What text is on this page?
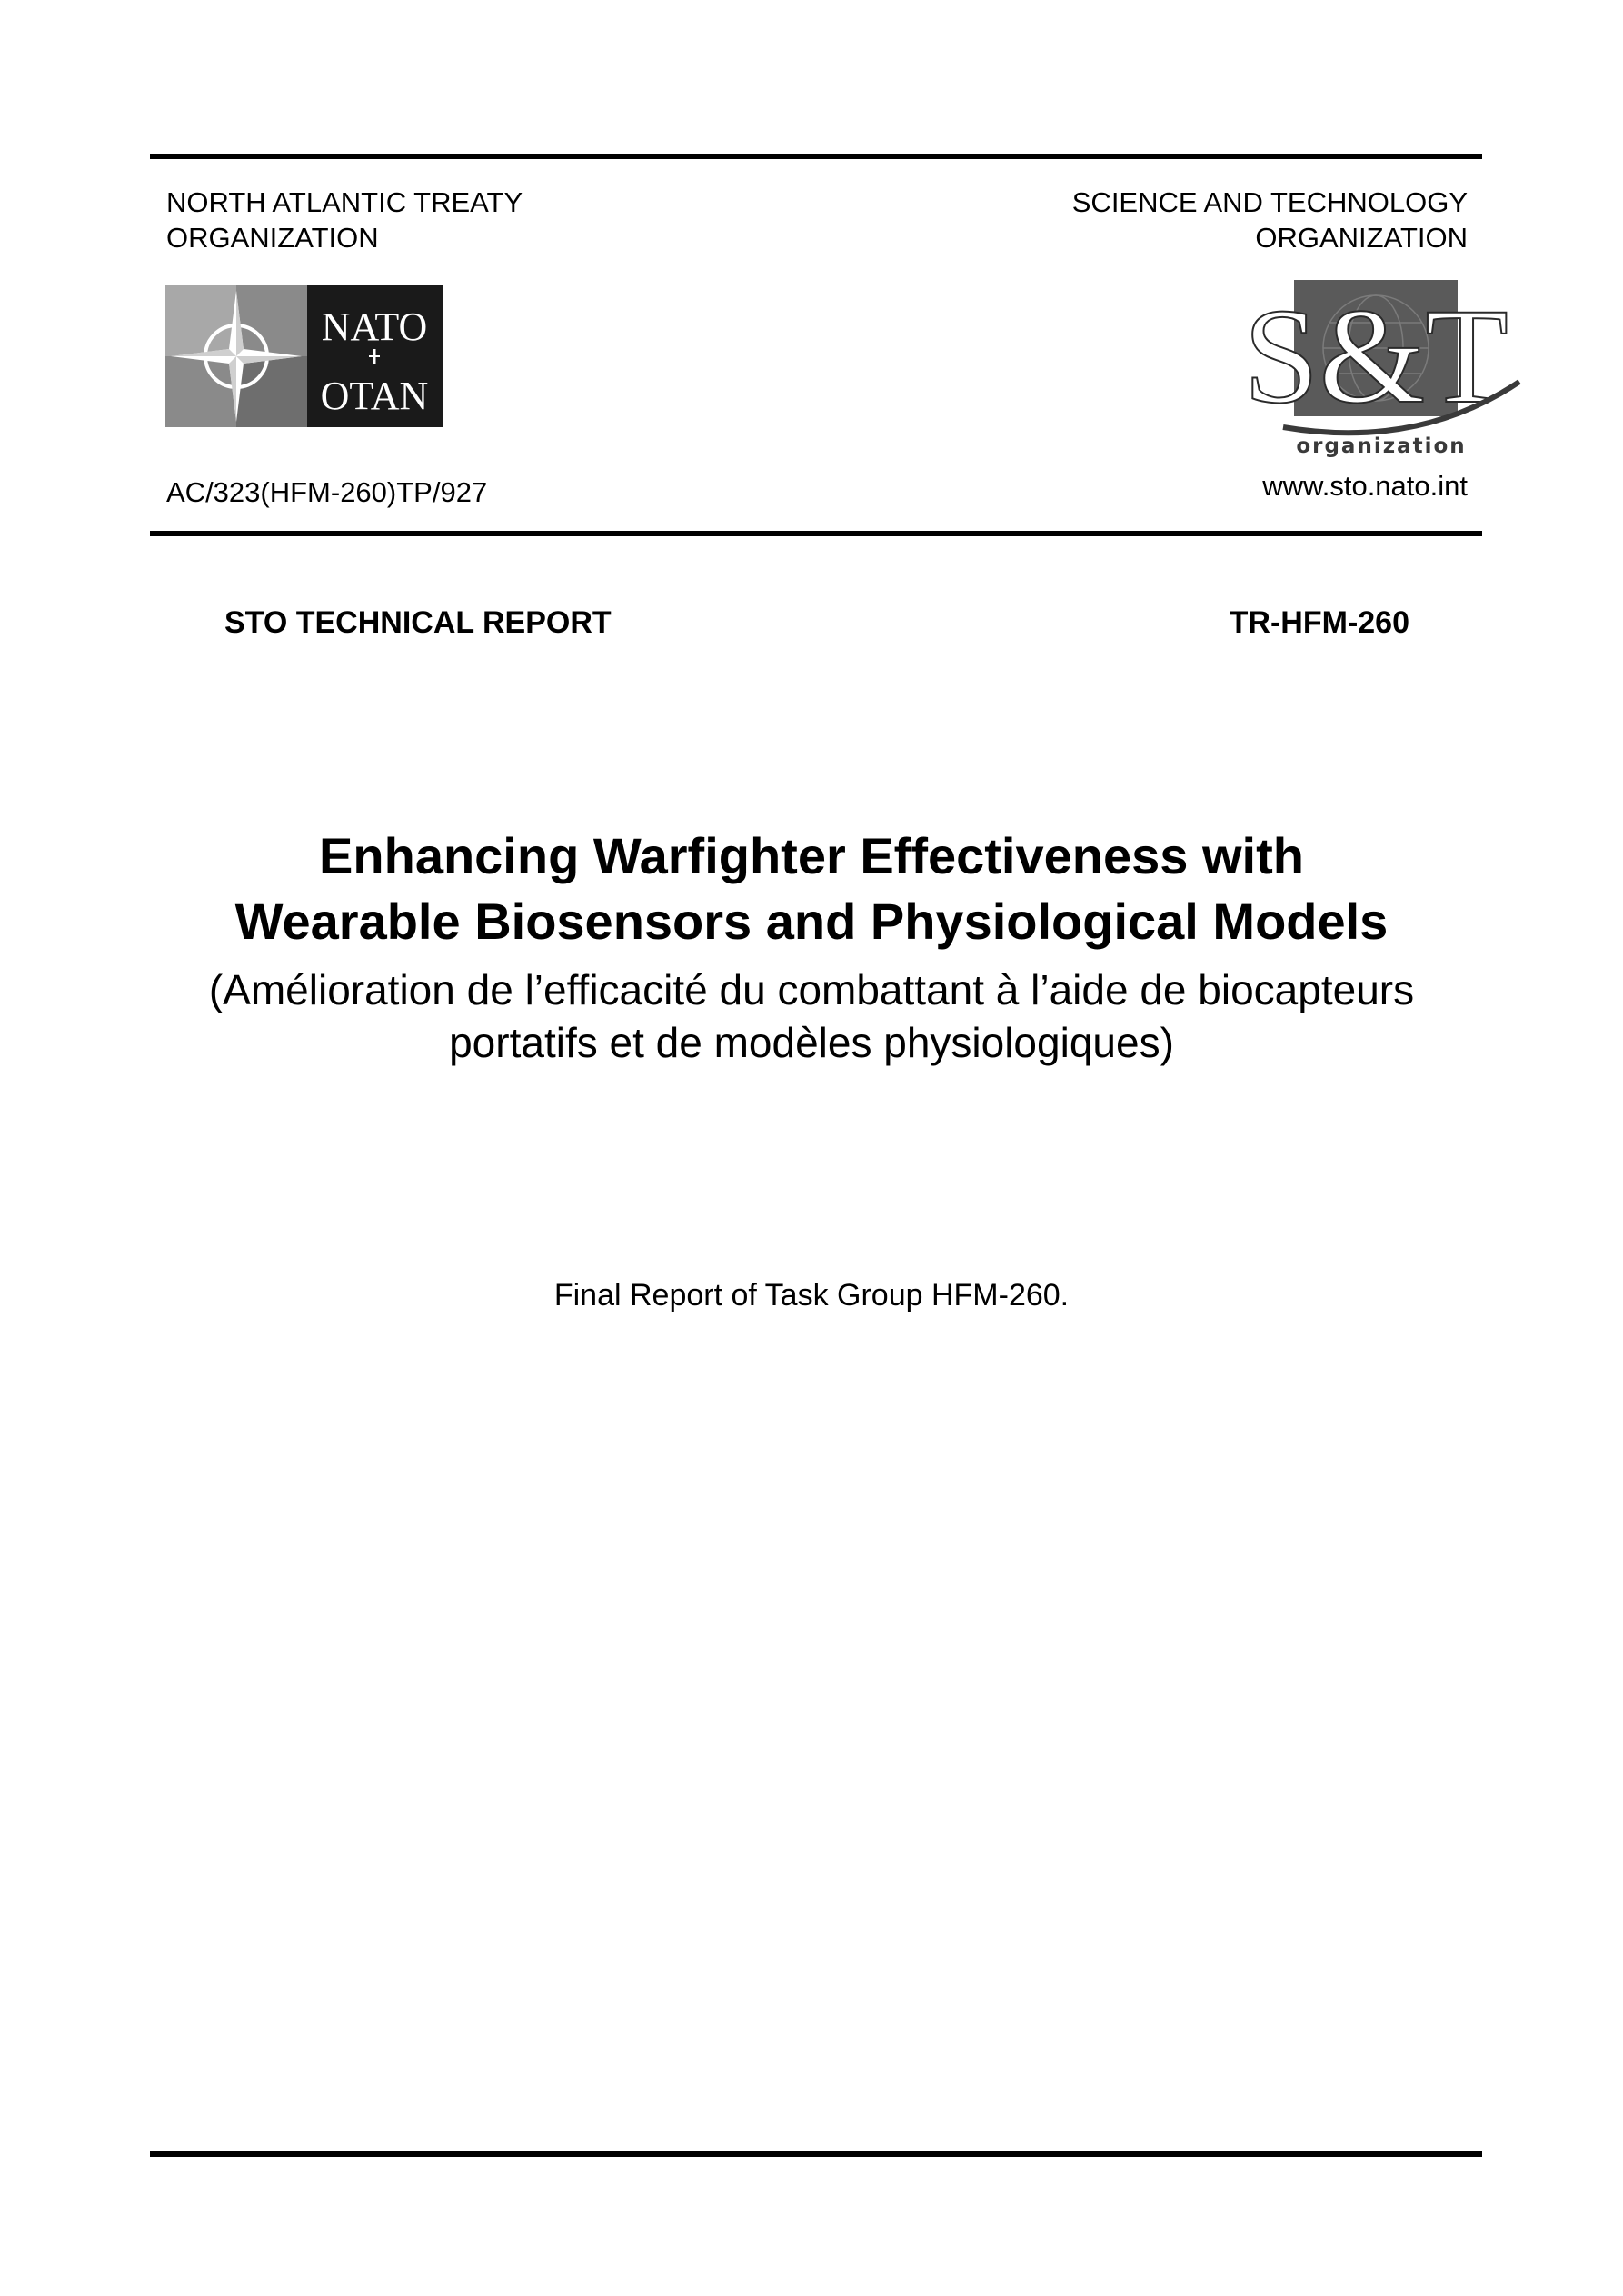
NORTH ATLANTIC TREATY
ORGANIZATION
SCIENCE AND TECHNOLOGY
ORGANIZATION
NATO
OTAN	S&T
organization
AC/323(HFM-260)TP/927	www.sto.nato.int
STO TECHNICAL REPORT	TR-HFM-260
Enhancing Warfighter Effectiveness with
Wearable Biosensors and Physiological Models
(Amélioration de l’efficacité du combattant à l’aide de biocapteurs
portatifs et de modèles physiologiques)
Final Report of Task Group HFM-260.
